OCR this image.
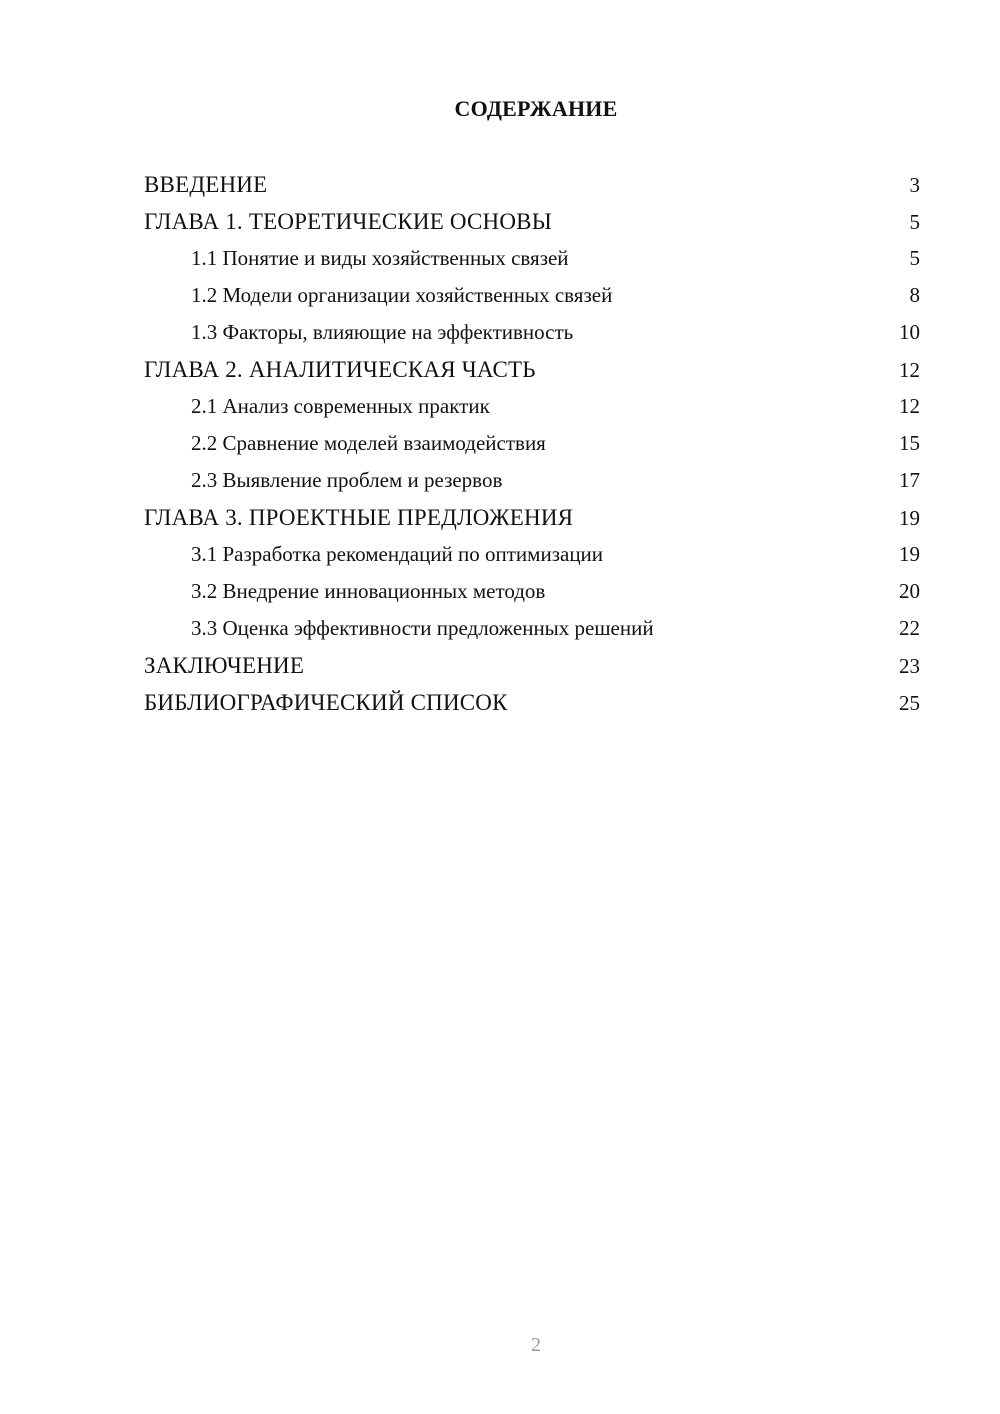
СОДЕРЖАНИЕ
ВВЕДЕНИЕ	3
ГЛАВА 1. ТЕОРЕТИЧЕСКИЕ ОСНОВЫ	5
1.1 Понятие и виды хозяйственных связей	5
1.2 Модели организации хозяйственных связей	8
1.3 Факторы, влияющие на эффективность	10
ГЛАВА 2. АНАЛИТИЧЕСКАЯ ЧАСТЬ	12
2.1 Анализ современных практик	12
2.2 Сравнение моделей взаимодействия	15
2.3 Выявление проблем и резервов	17
ГЛАВА 3. ПРОЕКТНЫЕ ПРЕДЛОЖЕНИЯ	19
3.1 Разработка рекомендаций по оптимизации	19
3.2 Внедрение инновационных методов	20
3.3 Оценка эффективности предложенных решений	22
ЗАКЛЮЧЕНИЕ	23
БИБЛИОГРАФИЧЕСКИЙ СПИСОК	25
2
